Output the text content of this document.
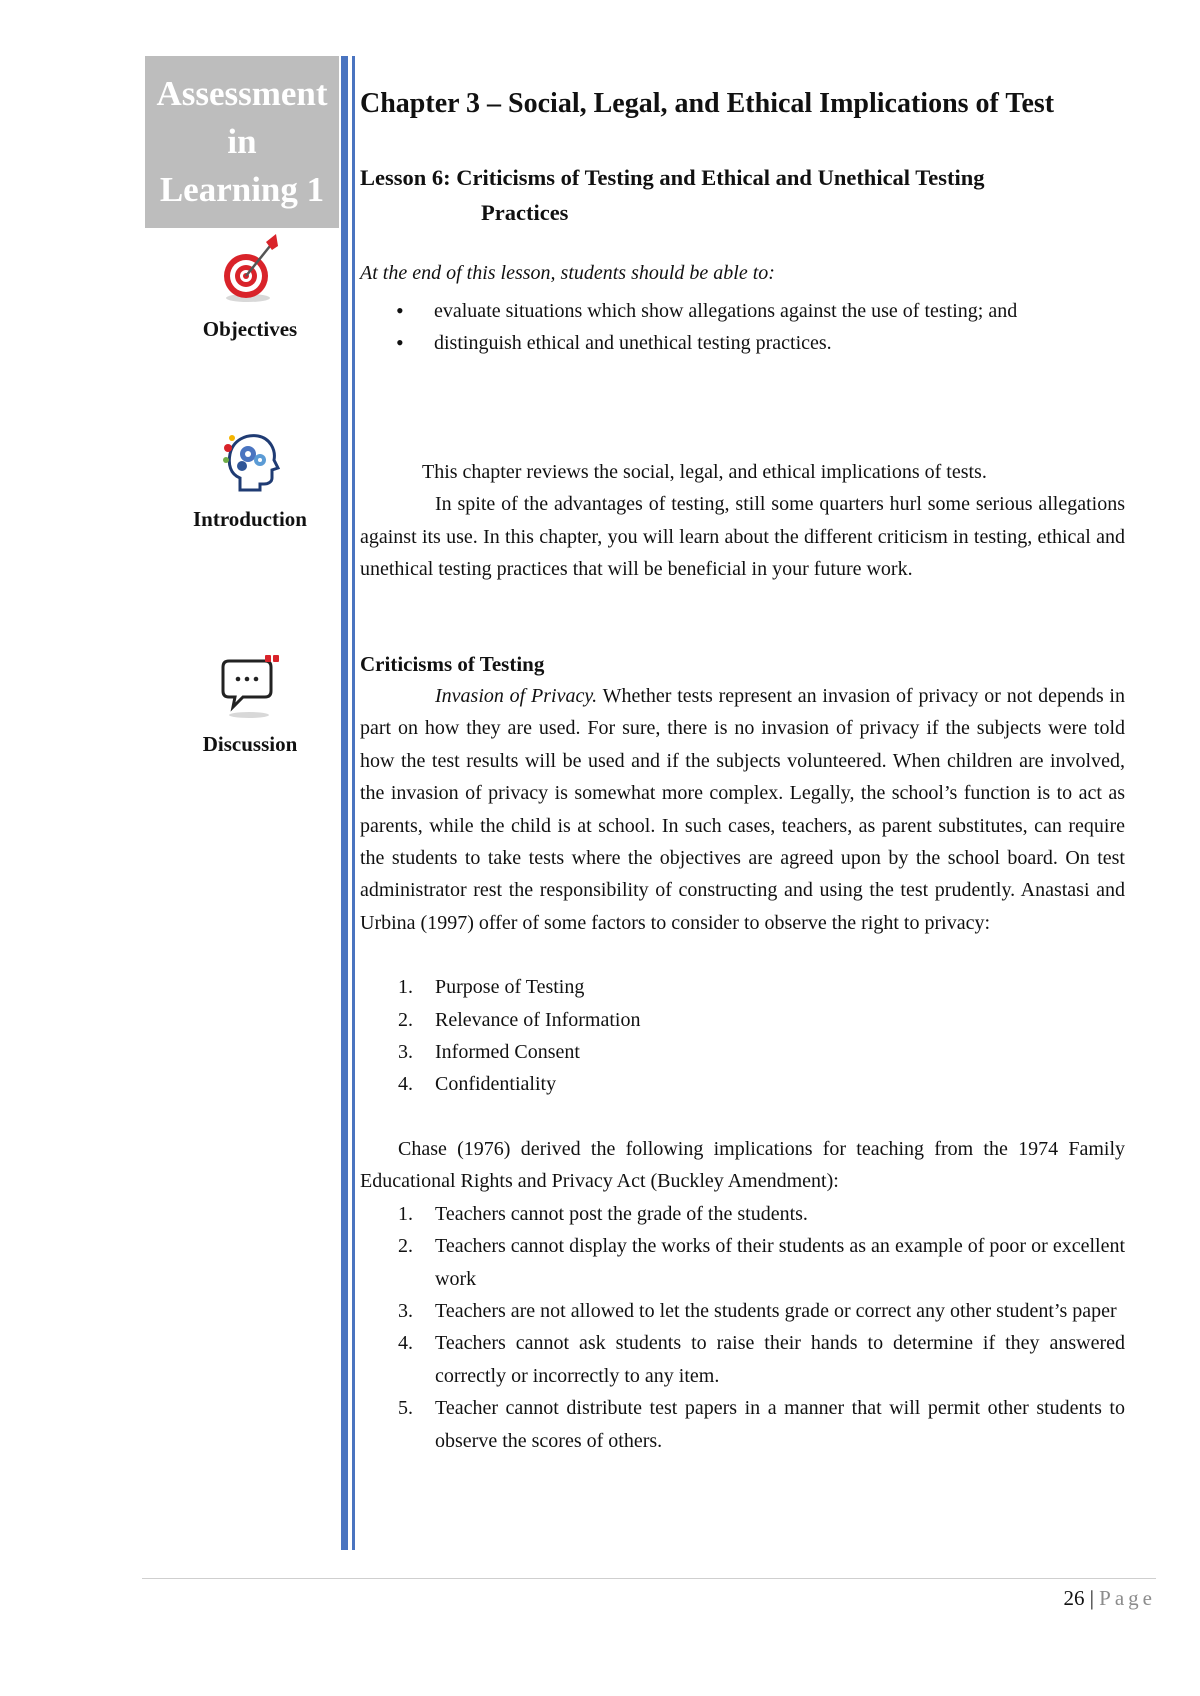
Assessment
in
Learning 1
Objectives
Introduction
Discussion
Chapter 3 – Social, Legal, and Ethical Implications of Test
Lesson 6: Criticisms of Testing and Ethical and Unethical Testing
Practices
At the end of this lesson, students should be able to:
• evaluate situations which show allegations against the use of testing; and
• distinguish ethical and unethical testing practices.
This chapter reviews the social, legal, and ethical implications of tests.
In spite of the advantages of testing, still some quarters hurl some serious allegations against its use. In this chapter, you will learn about the different criticism in testing, ethical and unethical testing practices that will be beneficial in your future work.
Criticisms of Testing
Invasion of Privacy. Whether tests represent an invasion of privacy or not depends in part on how they are used. For sure, there is no invasion of privacy if the subjects were told how the test results will be used and if the subjects volunteered. When children are involved, the invasion of privacy is somewhat more complex. Legally, the school’s function is to act as parents, while the child is at school. In such cases, teachers, as parent substitutes, can require the students to take tests where the objectives are agreed upon by the school board. On test administrator rest the responsibility of constructing and using the test prudently. Anastasi and Urbina (1997) offer of some factors to consider to observe the right to privacy:
1. Purpose of Testing
2. Relevance of Information
3. Informed Consent
4. Confidentiality
Chase (1976) derived the following implications for teaching from the 1974 Family Educational Rights and Privacy Act (Buckley Amendment):
1. Teachers cannot post the grade of the students.
2. Teachers cannot display the works of their students as an example of poor or excellent work
3. Teachers are not allowed to let the students grade or correct any other student’s paper
4. Teachers cannot ask students to raise their hands to determine if they answered correctly or incorrectly to any item.
5. Teacher cannot distribute test papers in a manner that will permit other students to observe the scores of others.
26 | Page
